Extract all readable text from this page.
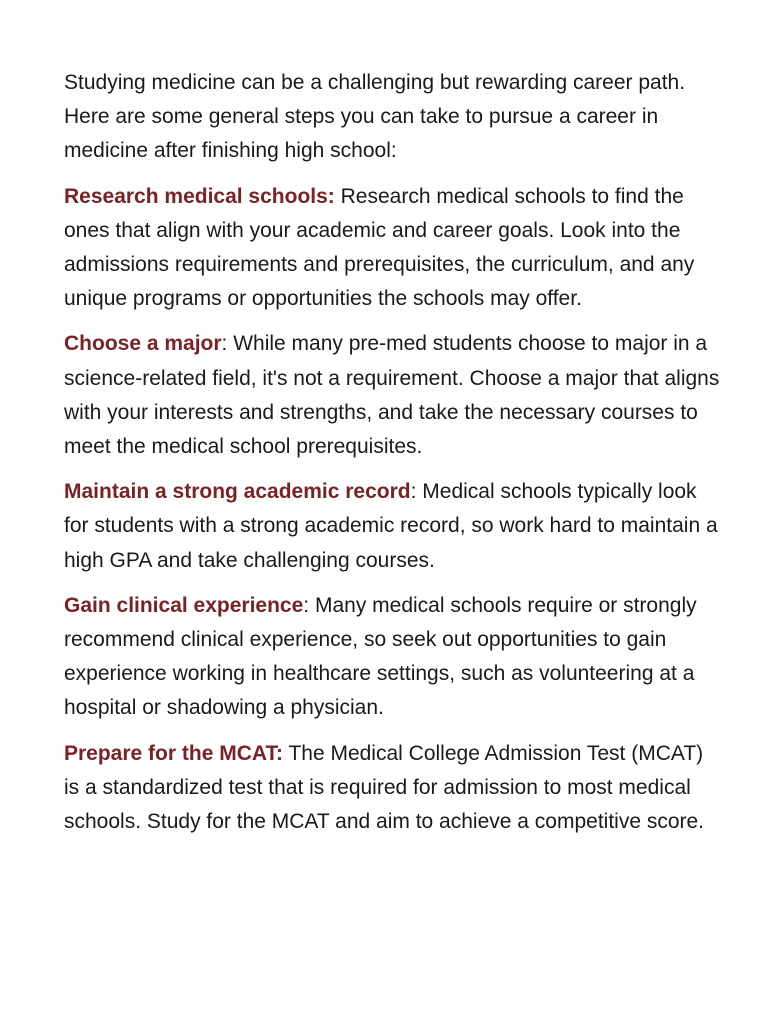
Studying medicine can be a challenging but rewarding career path. Here are some general steps you can take to pursue a career in medicine after finishing high school:

Research medical schools: Research medical schools to find the ones that align with your academic and career goals. Look into the admissions requirements and prerequisites, the curriculum, and any unique programs or opportunities the schools may offer.

Choose a major: While many pre-med students choose to major in a science-related field, it's not a requirement. Choose a major that aligns with your interests and strengths, and take the necessary courses to meet the medical school prerequisites.

Maintain a strong academic record: Medical schools typically look for students with a strong academic record, so work hard to maintain a high GPA and take challenging courses.

Gain clinical experience: Many medical schools require or strongly recommend clinical experience, so seek out opportunities to gain experience working in healthcare settings, such as volunteering at a hospital or shadowing a physician.

Prepare for the MCAT: The Medical College Admission Test (MCAT) is a standardized test that is required for admission to most medical schools. Study for the MCAT and aim to achieve a competitive score.
